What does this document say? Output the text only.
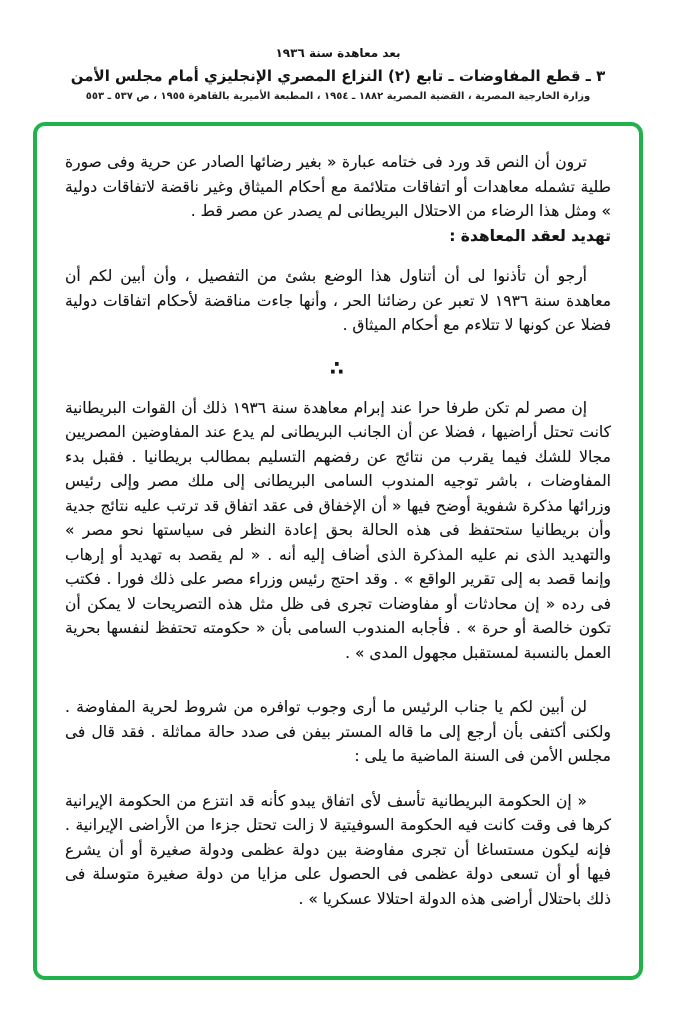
بعد معاهدة سنة ١٩٣٦
٣ ـ قطع المفاوضات ـ تابع (٢) النزاع المصري الإنجليزي أمام مجلس الأمن
وزارة الخارجية المصرية ، القضية المصرية ١٨٨٢ ـ ١٩٥٤ ، المطبعة الأميرية بالقاهرة ١٩٥٥ ، ص ٥٣٧ ـ ٥٥٣

ترون أن النص قد ورد فى ختامه عبارة « بغير رضائها الصادر عن حرية وفى صورة طلية تشمله معاهدات أو اتفاقات متلائمة مع أحكام الميثاق وغير ناقضة لاتفاقات دولية » ومثل هذا الرضاء من الاحتلال البريطانى لم يصدر عن مصر قط .

تهديد لعقد المعاهدة :

أرجو أن تأذنوا لى أن أتناول هذا الوضع بشئ من التفصيل ، وأن أبين لكم أن معاهدة سنة ١٩٣٦ لا تعبر عن رضائنا الحر ، وأنها جاءت مناقضة لأحكام اتفاقات دولية فضلا عن كونها لا تتلاءم مع أحكام الميثاق .

∴

إن مصر لم تكن طرفا حرا عند إبرام معاهدة سنة ١٩٣٦ ذلك أن القوات البريطانية كانت تحتل أراضيها ، فضلا عن أن الجانب البريطانى لم يدع عند المفاوضين المصريين مجالا للشك فيما يقرب من نتائج عن رفضهم التسليم بمطالب بريطانيا . فقبل بدء المفاوضات ، باشر توجيه المندوب السامى البريطانى إلى ملك مصر وإلى رئيس وزرائها مذكرة شفوية أوضح فيها « أن الإخفاق فى عقد اتفاق قد ترتب عليه نتائج جدية وأن بريطانيا ستحتفظ فى هذه الحالة بحق إعادة النظر فى سياستها نحو مصر » والتهديد الذى نم عليه المذكرة الذى أضاف إليه أنه . « لم يقصد به تهديد أو إرهاب وإنما قصد به إلى تقرير الواقع » . وقد احتج رئيس وزراء مصر على ذلك فورا . فكتب فى رده « إن محادثات أو مفاوضات تجرى فى ظل مثل هذه التصريحات لا يمكن أن تكون خالصة أو حرة » . فأجابه المندوب السامى بأن « حكومته تحتفظ لنفسها بحرية العمل بالنسبة لمستقبل مجهول المدى » .

لن أبين لكم يا جناب الرئيس ما أرى وجوب توافره من شروط لحرية المفاوضة . ولكنى أكتفى بأن أرجع إلى ما قاله المستر بيفن فى صدد حالة مماثلة . فقد قال فى مجلس الأمن فى السنة الماضية ما يلى :

« إن الحكومة البريطانية تأسف لأى اتفاق يبدو كأنه قد انتزع من الحكومة الإيرانية كرها فى وقت كانت فيه الحكومة السوفيتية لا زالت تحتل جزءا من الأراضى الإيرانية . فإنه ليكون مستساغا أن تجرى مفاوضة بين دولة عظمى ودولة صغيرة أو أن يشرع فيها أو أن تسعى دولة عظمى فى الحصول على مزايا من دولة صغيرة متوسلة فى ذلك باحتلال أراضى هذه الدولة احتلالا عسكريا » .
